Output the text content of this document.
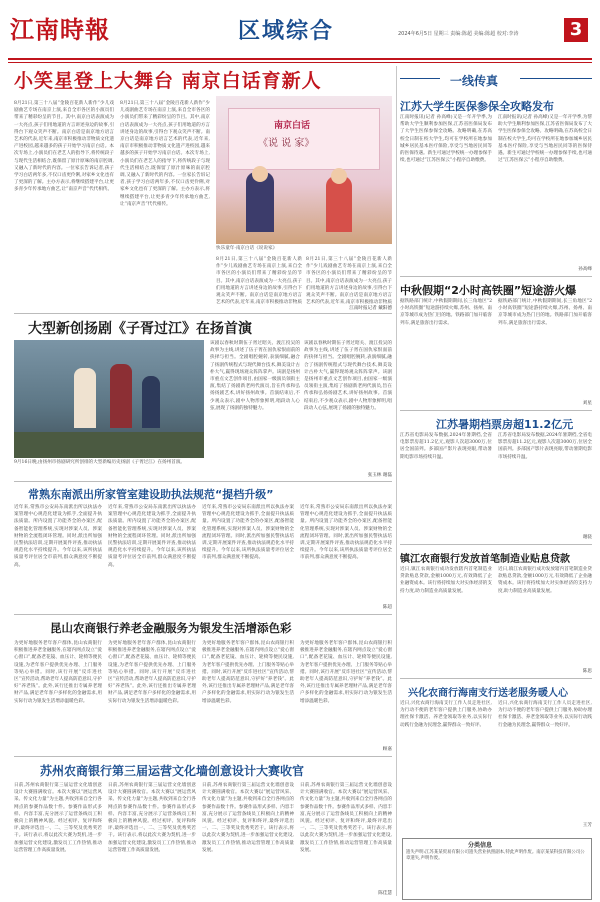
江南時報	区域综合	2024年6月5日 星期三 责编:陈超 美编:陈超 校对:李涛	3
小笑星登上大舞台 南京白话育新人
8月21日,第三十八届“金陵百花新人新作”少儿戏剧曲艺专场在南京上演,来自全市各区的小演员们带来了精彩纷呈的节目。其中,南京白话表演成为一大亮点,孩子们用地道的方言讲述身边的故事,引得台下观众笑声不断。南京白话是南京地方语言艺术的代表,近年来,南京市积极推动非物质文化遗产进校园,越来越多的孩子开始学习南京白话。本次专场上,小演员们在老艺人的指导下,将传统段子与现代生活相结合,既保留了原汁原味的南京腔调,又融入了新时代的内容。一位家长告诉记者,孩子学习白话两年多,不仅口齿更伶俐,对家乡文化也有了更深的了解。主办方表示,将继续搭建平台,让更多青少年传承地方曲艺,让“南京声音”代代相传。
8月21日,第三十八届“金陵百花新人新作”少儿戏剧曲艺专场在南京上演,来自全市各区的小演员们带来了精彩纷呈的节目。其中,南京白话表演成为一大亮点,孩子们用地道的方言讲述身边的故事,引得台下观众笑声不断。南京白话是南京地方语言艺术的代表,近年来,南京市积极推动非物质文化遗产进校园,越来越多的孩子开始学习南京白话。本次专场上,小演员们在老艺人的指导下,将传统段子与现代生活相结合,既保留了原汁原味的南京腔调,又融入了新时代的内容。一位家长告诉记者,孩子学习白话两年多,不仅口齿更伶俐,对家乡文化也有了更深的了解。主办方表示,将继续搭建平台,让更多青少年传承地方曲艺,让“南京声音”代代相传。
南京白话
《说 说 家》
快乐童年·南京白话《说说家》
8月21日,第三十八届“金陵百花新人新作”少儿戏剧曲艺专场在南京上演,来自全市各区的小演员们带来了精彩纷呈的节目。其中,南京白话表演成为一大亮点,孩子们用地道的方言讲述身边的故事,引得台下观众笑声不断。南京白话是南京地方语言艺术的代表,近年来,南京市积极推动非物质
8月21日,第三十八届“金陵百花新人新作”少儿戏剧曲艺专场在南京上演,来自全市各区的小演员们带来了精彩纷呈的节目。其中,南京白话表演成为一大亮点,孩子们用地道的方言讲述身边的故事,引得台下观众笑声不断。南京白话是南京地方语言艺术的代表,近年来,南京市积极推动非物质
江南时报记者 戴阳德
大型新创扬剧《子胥过江》在扬首演
9月16日晚,由扬州市扬剧研究所创排的大型新编历史扬剧《子胥过江》在扬州首演。
该剧以春秋时期伍子胥过昭关、渡江投吴的故事为主线,讲述了伍子胥在国仇家恨面前的抉择与担当。全剧唱腔婉转,表演细腻,融合了扬剧传统程式与现代舞台技术,舞美设计古朴大气,赢得现场观众阵阵掌声。该剧是扬州市重点文艺创作项目,由国家一级演员领衔主演,集结了扬剧新老两代演员,旨在传承和弘扬扬剧艺术,讲好扬州故事。首演结束后,不少观众表示,剧中人物形象鲜明,唱段动人心弦,展现了扬剧的独特魅力。
该剧以春秋时期伍子胥过昭关、渡江投吴的故事为主线,讲述了伍子胥在国仇家恨面前的抉择与担当。全剧唱腔婉转,表演细腻,融合了扬剧传统程式与现代舞台技术,舞美设计古朴大气,赢得现场观众阵阵掌声。该剧是扬州市重点文艺创作项目,由国家一级演员领衔主演,集结了扬剧新老两代演员,旨在传承和弘扬扬剧艺术,讲好扬州故事。首演结束后,不少观众表示,剧中人物形象鲜明,唱段动人心弦,展现了扬剧的独特魅力。
张玉林 谢磊
常熟东南派出所家管室建设助执法规范“提档升级”
近年来,常熟市公安局东南派出所以执法办案管理中心规范化建设为抓手,全面提升执法质量。所内设置了功能齐全的办案区,配备智能化管理系统,实现对涉案人员、涉案财物的全流程闭环管理。同时,派出所加强民警执法培训,定期开展案件评查,推动执法规范化水平持续提升。今年以来,该所执法质量考评位居全市前列,群众满意度不断提高。
近年来,常熟市公安局东南派出所以执法办案管理中心规范化建设为抓手,全面提升执法质量。所内设置了功能齐全的办案区,配备智能化管理系统,实现对涉案人员、涉案财物的全流程闭环管理。同时,派出所加强民警执法培训,定期开展案件评查,推动执法规范化水平持续提升。今年以来,该所执法质量考评位居全市前列,群众满意度不断提高。
近年来,常熟市公安局东南派出所以执法办案管理中心规范化建设为抓手,全面提升执法质量。所内设置了功能齐全的办案区,配备智能化管理系统,实现对涉案人员、涉案财物的全流程闭环管理。同时,派出所加强民警执法培训,定期开展案件评查,推动执法规范化水平持续提升。今年以来,该所执法质量考评位居全市前列,群众满意度不断提高。
近年来,常熟市公安局东南派出所以执法办案管理中心规范化建设为抓手,全面提升执法质量。所内设置了功能齐全的办案区,配备智能化管理系统,实现对涉案人员、涉案财物的全流程闭环管理。同时,派出所加强民警执法培训,定期开展案件评查,推动执法规范化水平持续提升。今年以来,该所执法质量考评位居全市前列,群众满意度不断提高。
陈超
昆山农商银行养老金融服务为银发生活增添色彩
为更好地服务老年客户群体,昆山农商银行积极推进养老金融服务,在辖内网点设立“爱心窗口”,配备老花镜、血压计、轮椅等便民设施,为老年客户提供优先办理、上门服务等贴心举措。同时,该行开展“反诈进社区”宣传活动,帮助老年人提高防范意识,守护好“养老钱”。此外,该行还推出专属养老理财产品,满足老年客户多样化的金融需求,用实际行动为银发生活增添温暖色彩。
为更好地服务老年客户群体,昆山农商银行积极推进养老金融服务,在辖内网点设立“爱心窗口”,配备老花镜、血压计、轮椅等便民设施,为老年客户提供优先办理、上门服务等贴心举措。同时,该行开展“反诈进社区”宣传活动,帮助老年人提高防范意识,守护好“养老钱”。此外,该行还推出专属养老理财产品,满足老年客户多样化的金融需求,用实际行动为银发生活增添温暖色彩。
为更好地服务老年客户群体,昆山农商银行积极推进养老金融服务,在辖内网点设立“爱心窗口”,配备老花镜、血压计、轮椅等便民设施,为老年客户提供优先办理、上门服务等贴心举措。同时,该行开展“反诈进社区”宣传活动,帮助老年人提高防范意识,守护好“养老钱”。此外,该行还推出专属养老理财产品,满足老年客户多样化的金融需求,用实际行动为银发生活增添温暖色彩。
为更好地服务老年客户群体,昆山农商银行积极推进养老金融服务,在辖内网点设立“爱心窗口”,配备老花镜、血压计、轮椅等便民设施,为老年客户提供优先办理、上门服务等贴心举措。同时,该行开展“反诈进社区”宣传活动,帮助老年人提高防范意识,守护好“养老钱”。此外,该行还推出专属养老理财产品,满足老年客户多样化的金融需求,用实际行动为银发生活增添温暖色彩。
顾嘉
苏州农商银行第三届运营文化墙创意设计大赛收官
日前,苏州农商银行第三届运营文化墙创意设计大赛圆满收官。本次大赛以“展运营风采、传文化力量”为主题,共收到来自全行各网点的参赛作品数十件。参赛作品形式多样、内容丰富,充分展示了运营条线员工积极向上的精神风貌。经过初评、复评和终评,最终评选出一、二、三等奖及优秀奖若干。该行表示,将以此次大赛为契机,进一步加强运营文化建设,激发员工工作热情,推动运营管理工作高质量发展。
日前,苏州农商银行第三届运营文化墙创意设计大赛圆满收官。本次大赛以“展运营风采、传文化力量”为主题,共收到来自全行各网点的参赛作品数十件。参赛作品形式多样、内容丰富,充分展示了运营条线员工积极向上的精神风貌。经过初评、复评和终评,最终评选出一、二、三等奖及优秀奖若干。该行表示,将以此次大赛为契机,进一步加强运营文化建设,激发员工工作热情,推动运营管理工作高质量发展。
日前,苏州农商银行第三届运营文化墙创意设计大赛圆满收官。本次大赛以“展运营风采、传文化力量”为主题,共收到来自全行各网点的参赛作品数十件。参赛作品形式多样、内容丰富,充分展示了运营条线员工积极向上的精神风貌。经过初评、复评和终评,最终评选出一、二、三等奖及优秀奖若干。该行表示,将以此次大赛为契机,进一步加强运营文化建设,激发员工工作热情,推动运营管理工作高质量发展。
日前,苏州农商银行第三届运营文化墙创意设计大赛圆满收官。本次大赛以“展运营风采、传文化力量”为主题,共收到来自全行各网点的参赛作品数十件。参赛作品形式多样、内容丰富,充分展示了运营条线员工积极向上的精神风貌。经过初评、复评和终评,最终评选出一、二、三等奖及优秀奖若干。该行表示,将以此次大赛为契机,进一步加强运营文化建设,激发员工工作热情,推动运营管理工作高质量发展。
陈佳慧
一线传真
江苏大学生医保参保全攻略发布
江南时报讯(记者 孙高峰)又是一年开学季,为帮助大学生顺利参加医保,江苏省医保局发布了大学生医保参保全攻略。攻略明确,在苏高校全日制在校大学生,均可在学校所在地参加城乡居民基本医疗保险,享受与当地居民同等的医保待遇。新生可通过学校统一办理参保手续,也可通过“江苏医保云”小程序自助缴费。
江南时报讯(记者 孙高峰)又是一年开学季,为帮助大学生顺利参加医保,江苏省医保局发布了大学生医保参保全攻略。攻略明确,在苏高校全日制在校大学生,均可在学校所在地参加城乡居民基本医疗保险,享受与当地居民同等的医保待遇。新生可通过学校统一办理参保手续,也可通过“江苏医保云”小程序自助缴费。
孙高峰
中秋假期“2小时高铁圈”短途游火爆
据铁路部门统计,中秋假期期间,长三角地区“2小时高铁圈”短途游持续火爆,苏州、扬州、南京等城市成为热门目的地。铁路部门加开临客列车,满足旅客出行需求。
据铁路部门统计,中秋假期期间,长三角地区“2小时高铁圈”短途游持续火爆,苏州、扬州、南京等城市成为热门目的地。铁路部门加开临客列车,满足旅客出行需求。
刘星
江苏暑期档票房超11.2亿元
江苏省电影局发布数据,2024年暑期档,全省电影票房超11.2亿元,观影人次超3000万,位居全国前列。多部国产影片表现亮眼,带动暑期电影市场持续升温。
江苏省电影局发布数据,2024年暑期档,全省电影票房超11.2亿元,观影人次超3000万,位居全国前列。多部国产影片表现亮眼,带动暑期电影市场持续升温。
谢骁
镇江农商银行发放首笔制造业贴息贷款
近日,镇江农商银行成功发放辖内首笔制造业贷款贴息贷款,金额1000万元,有效降低了企业融资成本。该行将持续加大对实体经济的支持力度,助力制造业高质量发展。
近日,镇江农商银行成功发放辖内首笔制造业贷款贴息贷款,金额1000万元,有效降低了企业融资成本。该行将持续加大对实体经济的支持力度,助力制造业高质量发展。
陈思
兴化农商行海南支行送老服务暖人心
近日,兴化农商行海南支行工作人员走进社区,为行动不便的老年客户提供上门服务,协助办理社保卡激活、养老金领取等业务,以实际行动践行金融为民理念,赢得群众一致好评。
近日,兴化农商行海南支行工作人员走进社区,为行动不便的老年客户提供上门服务,协助办理社保卡激活、养老金领取等业务,以实际行动践行金融为民理念,赢得群众一致好评。
王芳
分类信息
遗失声明:江苏某某贸易有限公司遗失营业执照副本,特此声明作废。南京某某科技有限公司公章遗失,声明作废。
